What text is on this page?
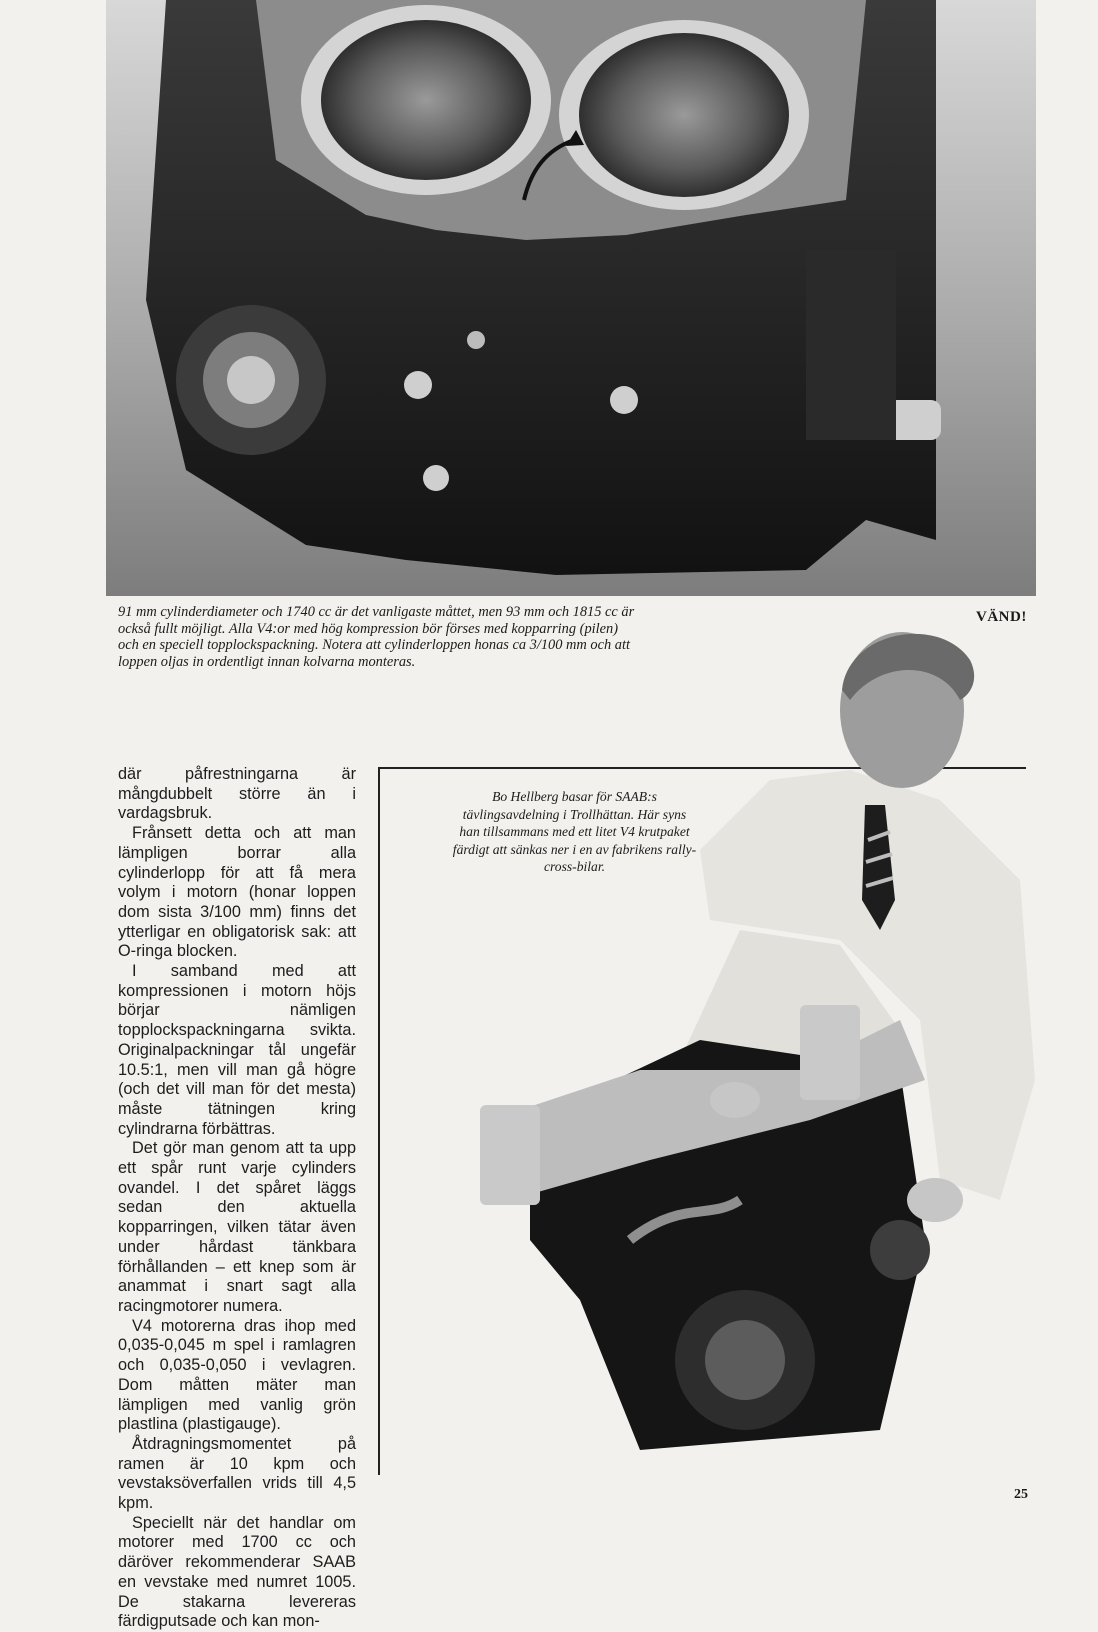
91 mm cylinderdiameter och 1740 cc är det vanligaste måttet, men 93 mm och 1815 cc är också fullt möjligt. Alla V4:or med hög kompression bör förses med kopparring (pilen) och en speciell topplockspackning. Notera att cylinderloppen honas ca 3/100 mm och att loppen oljas in ordentligt innan kolvarna monteras.
VÄND!

där påfrestningarna är mångdubbelt större än i vardagsbruk.

Frånsett detta och att man lämpligen borrar alla cylinderlopp för att få mera volym i motorn (honar loppen dom sista 3/100 mm) finns det ytterligar en obligatorisk sak: att O-ringa blocken.

I samband med att kompressionen i motorn höjs börjar nämligen topplockspackningarna svikta. Originalpackningar tål ungefär 10.5:1, men vill man gå högre (och det vill man för det mesta) måste tätningen kring cylindrarna förbättras.

Det gör man genom att ta upp ett spår runt varje cylinders ovandel. I det spåret läggs sedan den aktuella kopparringen, vilken tätar även under hårdast tänkbara förhållanden – ett knep som är anammat i snart sagt alla racingmotorer numera.

V4 motorerna dras ihop med 0,035-0,045 m spel i ramlagren och 0,035-0,050 i vevlagren. Dom måtten mäter man lämpligen med vanlig grön plastlina (plastigauge).

Åtdragningsmomentet på ramen är 10 kpm och vevstaksöverfallen vrids till 4,5 kpm.

Speciellt när det handlar om motorer med 1700 cc och däröver rekommenderar SAAB en vevstake med numret 1005. De stakarna levereras färdigputsade och kan mon-

Bo Hellberg basar för SAAB:s tävlingsavdelning i Trollhättan. Här syns han tillsammans med ett litet V4 krutpaket färdigt att sänkas ner i en av fabrikens rally-cross-bilar.
25
